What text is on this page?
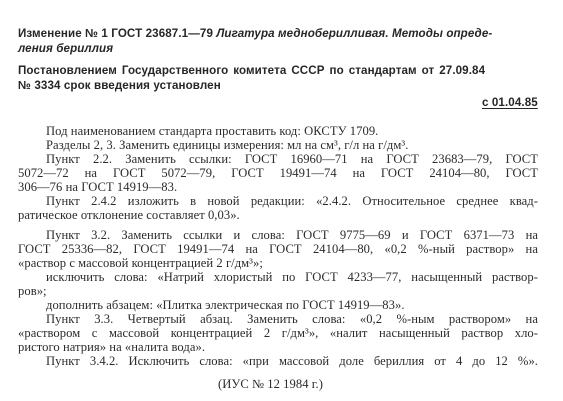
Изменение № 1 ГОСТ 23687.1—79 Лигатура медноберилливая. Методы опреде-
ления бериллия
Постановлением Государственного комитета СССР по стандартам от 27.09.84
№ 3334 срок введения установлен
с 01.04.85
Под наименованием стандарта проставить код: ОКСТУ 1709.
Разделы 2, 3. Заменить единицы измерения: мл на см³, г/л на г/дм³.
Пункт 2.2. Заменить ссылки: ГОСТ 16960—71 на ГОСТ 23683—79, ГОСТ
5072—72 на ГОСТ 5072—79, ГОСТ 19491—74 на ГОСТ 24104—80, ГОСТ
306—76 на ГОСТ 14919—83.
Пункт 2.4.2 изложить в новой редакции: «2.4.2. Относительное среднее квад-
ратическое отклонение составляет 0,03».
Пункт 3.2. Заменить ссылки и слова: ГОСТ 9775—69 и ГОСТ 6371—73 на
ГОСТ 25336—82, ГОСТ 19491—74 на ГОСТ 24104—80, «0,2 %-ный раствор» на
«раствор с массовой концентрацией 2 г/дм³»;
исключить слова: «Натрий хлористый по ГОСТ 4233—77, насыщенный раствор-
ров»;
дополнить абзацем: «Плитка электрическая по ГОСТ 14919—83».
Пункт 3.3. Четвертый абзац. Заменить слова: «0,2 %-ным раствором» на
«раствором с массовой концентрацией 2 г/дм³», «налит насыщенный раствор хло-
ристого натрия» на «налита вода».
Пункт 3.4.2. Исключить слова: «при массовой доле бериллия от 4 до 12 %».
(ИУС № 12 1984 г.)
